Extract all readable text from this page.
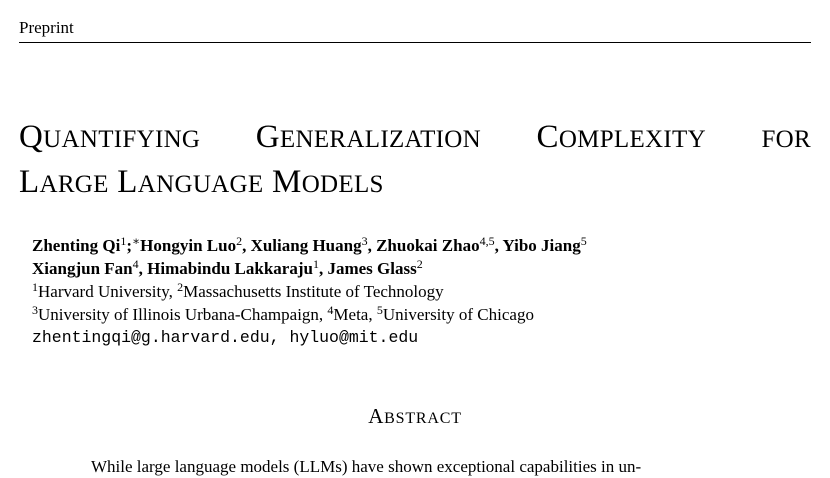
Preprint
QUANTIFYING GENERALIZATION COMPLEXITY FOR
LARGE LANGUAGE MODELS
Zhenting Qi$^1$;∗Hongyin Luo$^2$, Xuliang Huang$^3$, Zhuokai Zhao$^{4,5}$, Yibo Jiang$^5$
Xiangjun Fan$^4$, Himabindu Lakkaraju$^1$, James Glass$^2$
$^1$Harvard University, $^2$Massachusetts Institute of Technology
$^3$University of Illinois Urbana-Champaign, $^4$Meta, $^5$University of Chicago
zhentingqi@g.harvard.edu, hyluo@mit.edu
ABSTRACT
While large language models (LLMs) have shown exceptional capabilities in un-
